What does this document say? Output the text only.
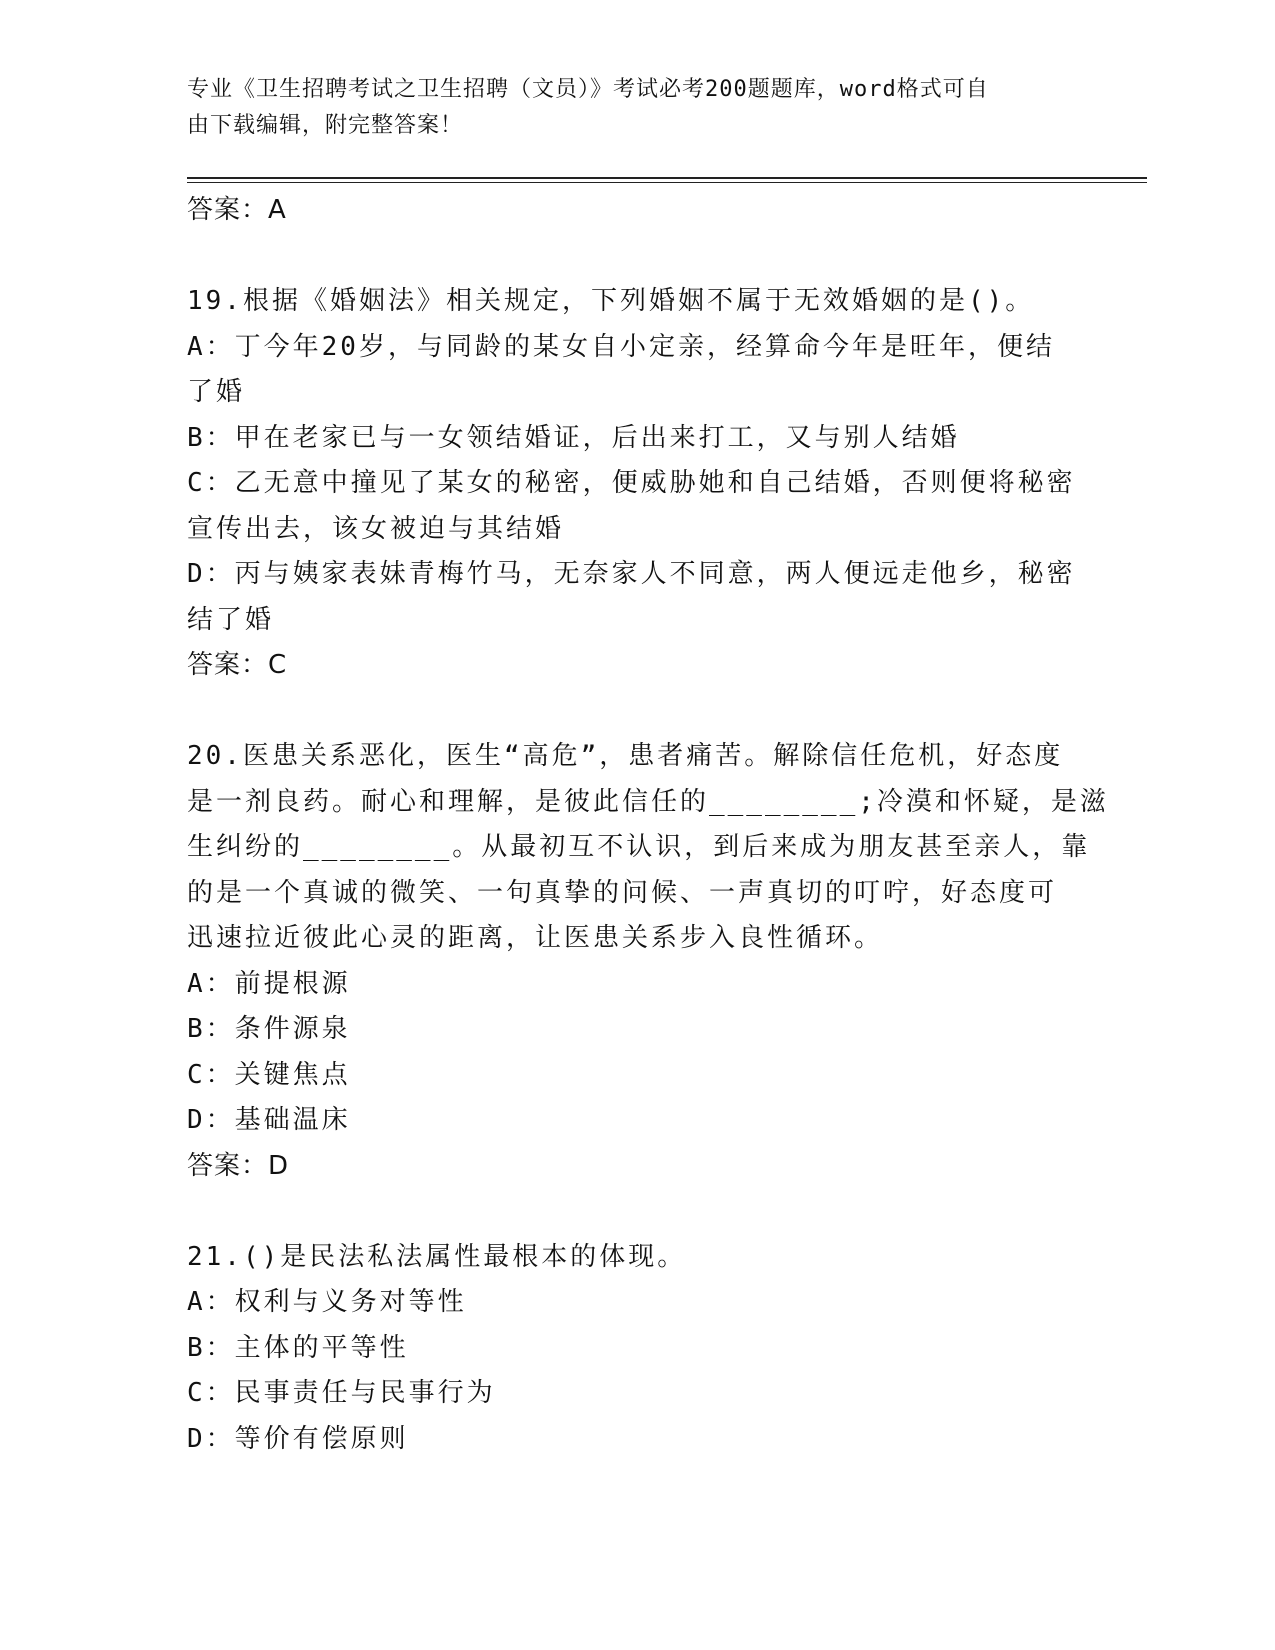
专业《卫生招聘考试之卫生招聘（文员）》考试必考200题题库，word格式可自
由下载编辑，附完整答案！
答案：A
19.根据《婚姻法》相关规定，下列婚姻不属于无效婚姻的是()。
A：丁今年20岁，与同龄的某女自小定亲，经算命今年是旺年，便结
了婚
B：甲在老家已与一女领结婚证，后出来打工，又与别人结婚
C：乙无意中撞见了某女的秘密，便威胁她和自己结婚，否则便将秘密
宣传出去，该女被迫与其结婚
D：丙与姨家表妹青梅竹马，无奈家人不同意，两人便远走他乡，秘密
结了婚
答案：C
20.医患关系恶化，医生“高危”，患者痛苦。解除信任危机，好态度
是一剂良药。耐心和理解，是彼此信任的________;冷漠和怀疑，是滋
生纠纷的________。从最初互不认识，到后来成为朋友甚至亲人，靠
的是一个真诚的微笑、一句真挚的问候、一声真切的叮咛，好态度可
迅速拉近彼此心灵的距离，让医患关系步入良性循环。
A：前提根源
B：条件源泉
C：关键焦点
D：基础温床
答案：D
21.()是民法私法属性最根本的体现。
A：权利与义务对等性
B：主体的平等性
C：民事责任与民事行为
D：等价有偿原则
